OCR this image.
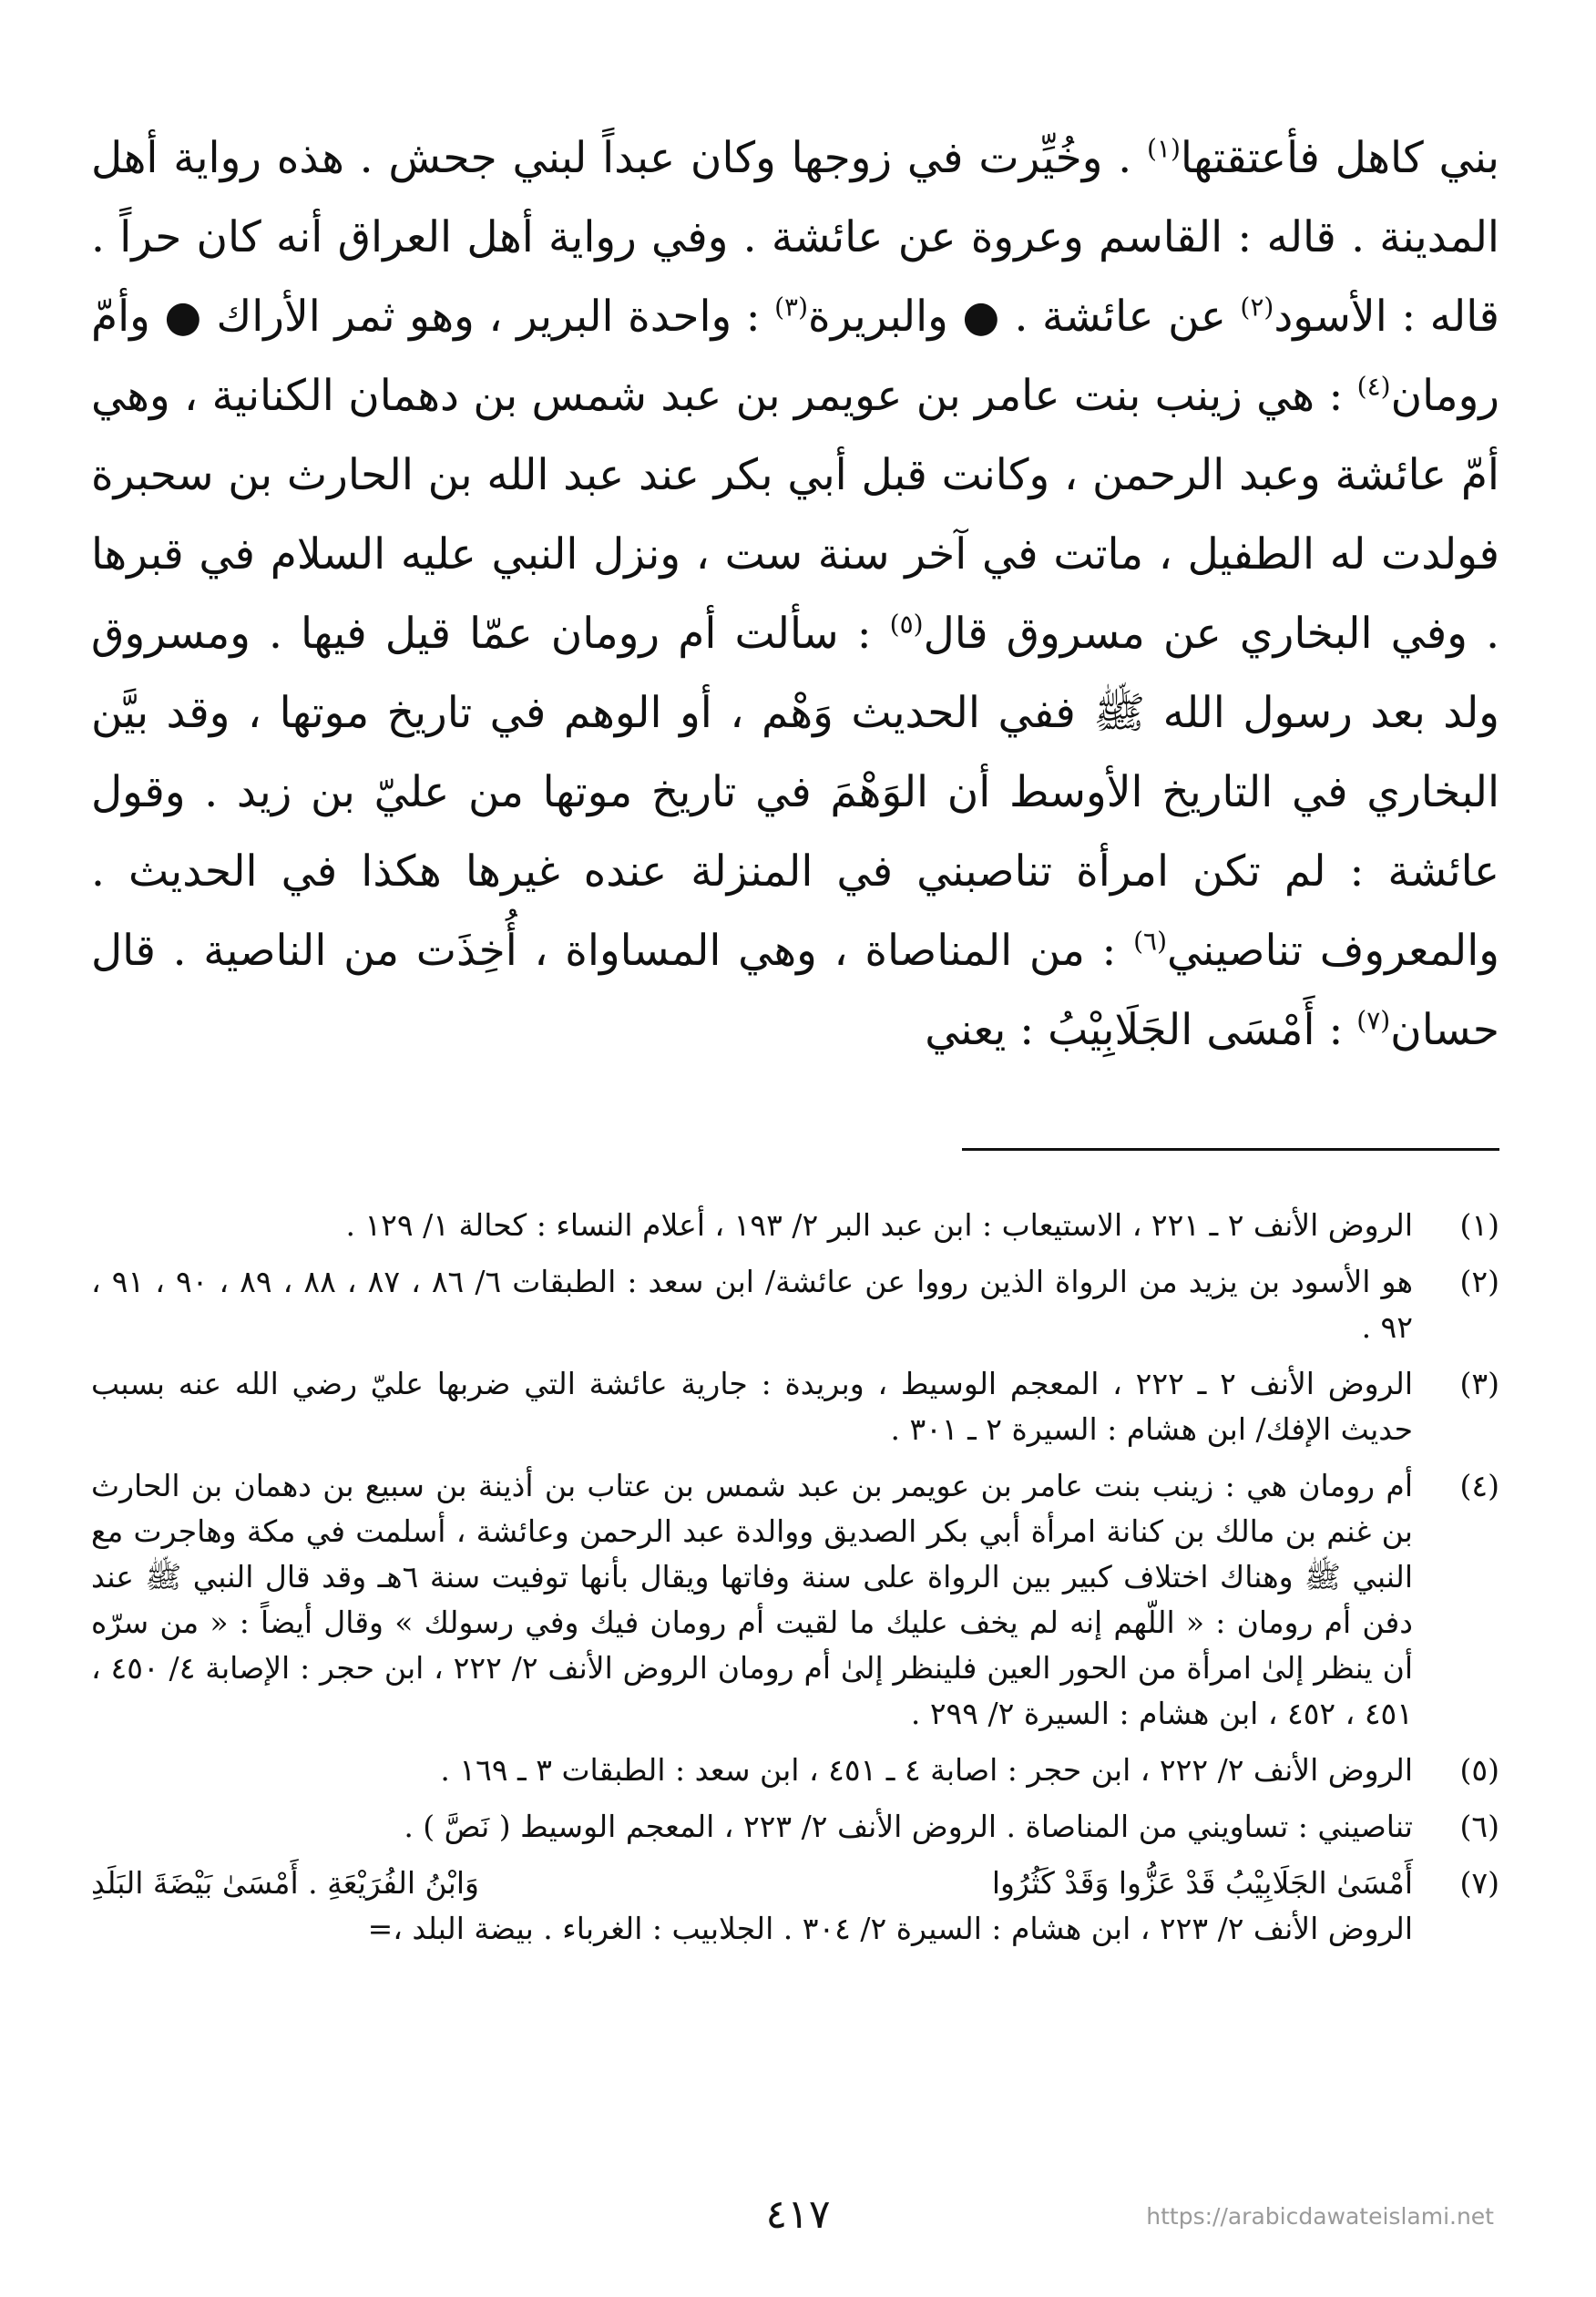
بني كاهل فأعتقتها$^{(١)}$ . وخُيِّرت في زوجها وكان عبداً لبني جحش . هذه رواية أهل المدينة . قاله : القاسم وعروة عن عائشة . وفي رواية أهل العراق أنه كان حراً . قاله : الأسود$^{(٢)}$ عن عائشة . ● والبريرة$^{(٣)}$ : واحدة البرير ، وهو ثمر الأراك ● وأمّ رومان$^{(٤)}$ : هي زينب بنت عامر بن عويمر بن عبد شمس بن دهمان الكنانية ، وهي أمّ عائشة وعبد الرحمن ، وكانت قبل أبي بكر عند عبد الله بن الحارث بن سحبرة فولدت له الطفيل ، ماتت في آخر سنة ست ، ونزل النبي عليه السلام في قبرها . وفي البخاري عن مسروق قال$^{(٥)}$ : سألت أم رومان عمّا قيل فيها . ومسروق ولد بعد رسول الله ﷺ ففي الحديث وَهْم ، أو الوهم في تاريخ موتها ، وقد بيَّن البخاري في التاريخ الأوسط أن الوَهْمَ في تاريخ موتها من عليّ بن زيد . وقول عائشة : لم تكن امرأة تناصبني في المنزلة عنده غيرها هكذا في الحديث . والمعروف تناصيني$^{(٦)}$ : من المناصاة ، وهي المساواة ، أُخِذَت من الناصية . قال حسان$^{(٧)}$ : أَمْسَى الجَلَابِيْبُ : يعني

(١)
الروض الأنف ٢ ـ ٢٢١ ، الاستيعاب : ابن عبد البر ٢/ ١٩٣ ، أعلام النساء : كحالة ١/ ١٢٩ .
(٢)
هو الأسود بن يزيد من الرواة الذين رووا عن عائشة/ ابن سعد : الطبقات ٦/ ٨٦ ، ٨٧ ، ٨٨ ، ٨٩ ، ٩٠ ، ٩١ ، ٩٢ .
(٣)
الروض الأنف ٢ ـ ٢٢٢ ، المعجم الوسيط ، وبريدة : جارية عائشة التي ضربها عليّ رضي الله عنه بسبب حديث الإفك/ ابن هشام : السيرة ٢ ـ ٣٠١ .
(٤)
أم رومان هي : زينب بنت عامر بن عويمر بن عبد شمس بن عتاب بن أذينة بن سبيع بن دهمان بن الحارث بن غنم بن مالك بن كنانة امرأة أبي بكر الصديق ووالدة عبد الرحمن وعائشة ، أسلمت في مكة وهاجرت مع النبي ﷺ وهناك اختلاف كبير بين الرواة على سنة وفاتها ويقال بأنها توفيت سنة ٦هـ وقد قال النبي ﷺ عند دفن أم رومان : « اللّهم إنه لم يخف عليك ما لقيت أم رومان فيك وفي رسولك » وقال أيضاً : « من سرّه أن ينظر إلىٰ امرأة من الحور العين فلينظر إلىٰ أم رومان الروض الأنف ٢/ ٢٢٢ ، ابن حجر : الإصابة ٤/ ٤٥٠ ، ٤٥١ ، ٤٥٢ ، ابن هشام : السيرة ٢/ ٢٩٩ .
(٥)
الروض الأنف ٢/ ٢٢٢ ، ابن حجر : اصابة ٤ ـ ٤٥١ ، ابن سعد : الطبقات ٣ ـ ١٦٩ .
(٦)
تناصيني : تساويني من المناصاة . الروض الأنف ٢/ ٢٢٣ ، المعجم الوسيط ( نَصَّ ) .
(٧)
أَمْسَىٰ الجَلَابِيْبُ قَدْ عَزُّوا وَقَدْ كَثُرُوا
وَابْنُ الفُرَيْعَةِ . أَمْسَىٰ بَيْضَةَ البَلَدِ
الروض الأنف ٢/ ٢٢٣ ، ابن هشام : السيرة ٢/ ٣٠٤ . الجلابيب : الغرباء . بيضة البلد ،=
٤١٧	https://arabicdawateislami.net
